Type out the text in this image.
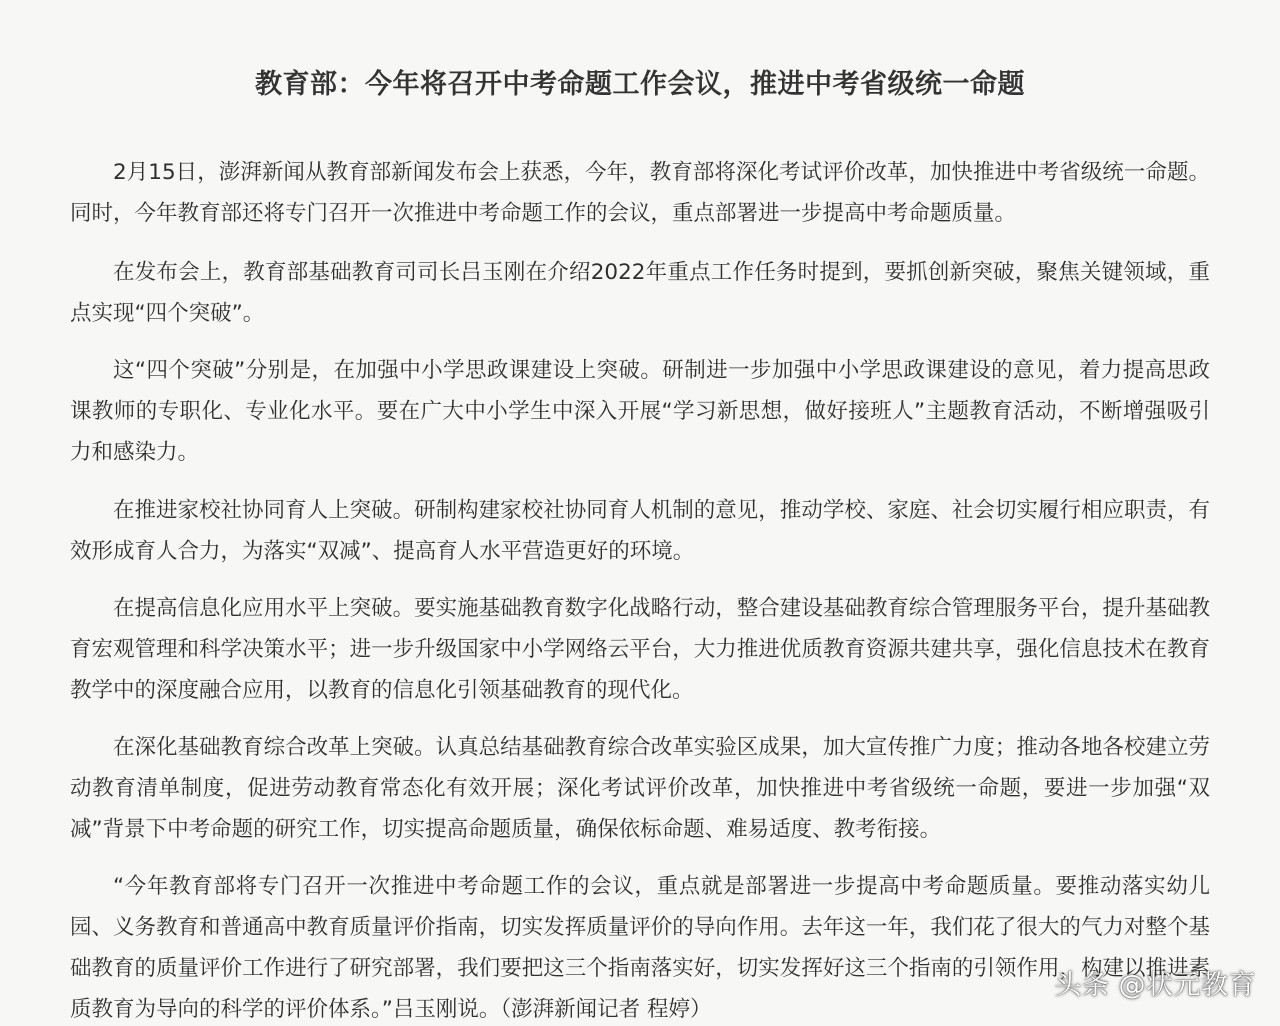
教育部：今年将召开中考命题工作会议，推进中考省级统一命题

2月15日，澎湃新闻从教育部新闻发布会上获悉，今年，教育部将深化考试评价改革，加快推进中考省级统一命题。同时，今年教育部还将专门召开一次推进中考命题工作的会议，重点部署进一步提高中考命题质量。

在发布会上，教育部基础教育司司长吕玉刚在介绍2022年重点工作任务时提到，要抓创新突破，聚焦关键领域，重点实现“四个突破”。

这“四个突破”分别是，在加强中小学思政课建设上突破。研制进一步加强中小学思政课建设的意见，着力提高思政课教师的专职化、专业化水平。要在广大中小学生中深入开展“学习新思想，做好接班人”主题教育活动，不断增强吸引力和感染力。

在推进家校社协同育人上突破。研制构建家校社协同育人机制的意见，推动学校、家庭、社会切实履行相应职责，有效形成育人合力，为落实“双减”、提高育人水平营造更好的环境。

在提高信息化应用水平上突破。要实施基础教育数字化战略行动，整合建设基础教育综合管理服务平台，提升基础教育宏观管理和科学决策水平；进一步升级国家中小学网络云平台，大力推进优质教育资源共建共享，强化信息技术在教育教学中的深度融合应用，以教育的信息化引领基础教育的现代化。

在深化基础教育综合改革上突破。认真总结基础教育综合改革实验区成果，加大宣传推广力度；推动各地各校建立劳动教育清单制度，促进劳动教育常态化有效开展；深化考试评价改革，加快推进中考省级统一命题，要进一步加强“双减”背景下中考命题的研究工作，切实提高命题质量，确保依标命题、难易适度、教考衔接。

“今年教育部将专门召开一次推进中考命题工作的会议，重点就是部署进一步提高中考命题质量。要推动落实幼儿园、义务教育和普通高中教育质量评价指南，切实发挥质量评价的导向作用。去年这一年，我们花了很大的气力对整个基础教育的质量评价工作进行了研究部署，我们要把这三个指南落实好，切实发挥好这三个指南的引领作用，构建以推进素质教育为导向的科学的评价体系。”吕玉刚说。（澎湃新闻记者 程婷）

头条 @状元教育
